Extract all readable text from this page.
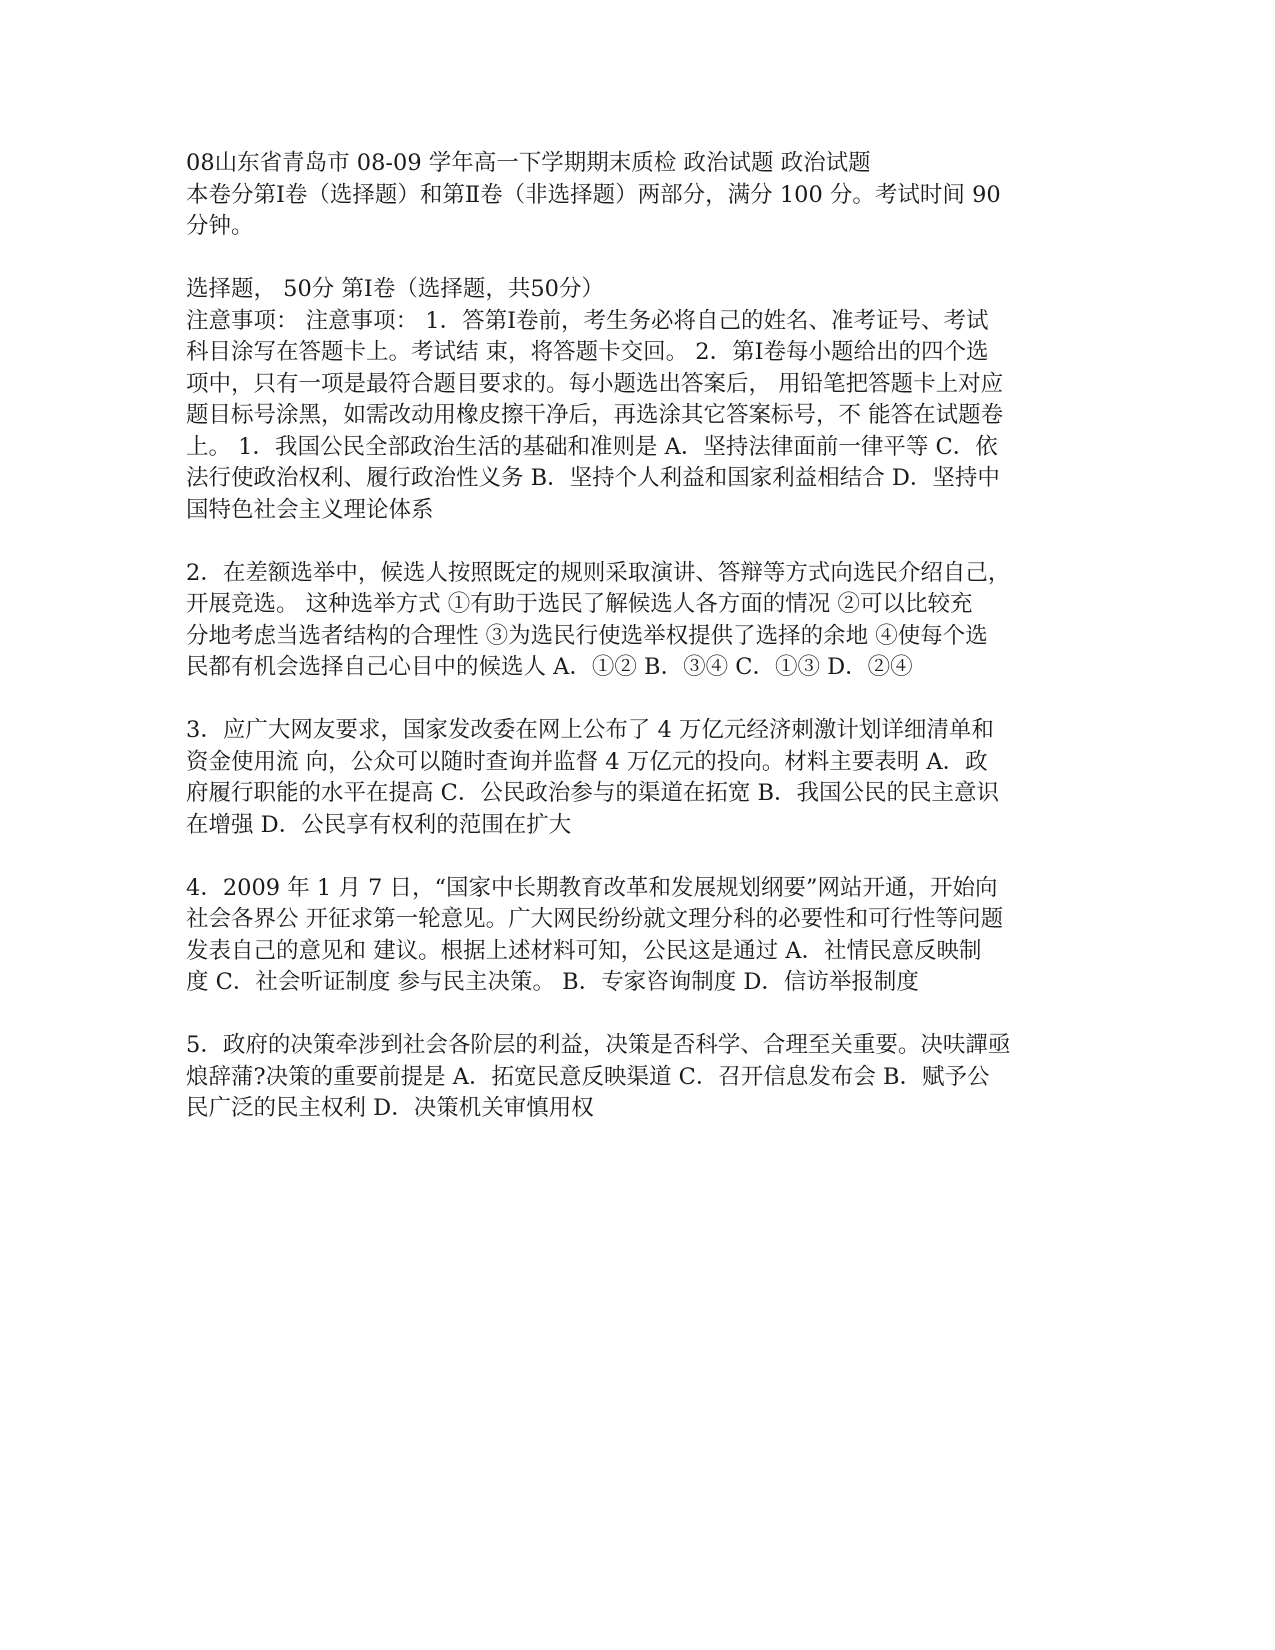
08山东省青岛市 08-09 学年高一下学期期末质检 政治试题 政治试题
本卷分第Ⅰ卷（选择题）和第Ⅱ卷（非选择题）两部分，满分 100 分。考试时间 90
分钟。
选择题， 50分 第Ⅰ卷（选择题，共50分）
注意事项： 注意事项： 1．答第Ⅰ卷前，考生务必将自己的姓名、准考证号、考试
科目涂写在答题卡上。考试结 束，将答题卡交回。 2．第Ⅰ卷每小题给出的四个选
项中，只有一项是最符合题目要求的。每小题选出答案后， 用铅笔把答题卡上对应
题目标号涂黑，如需改动用橡皮擦干净后，再选涂其它答案标号，不 能答在试题卷
上。 1．我国公民全部政治生活的基础和准则是 A．坚持法律面前一律平等 C．依
法行使政治权利、履行政治性义务 B．坚持个人利益和国家利益相结合 D．坚持中
国特色社会主义理论体系
2．在差额选举中，候选人按照既定的规则采取演讲、答辩等方式向选民介绍自己，
开展竞选。 这种选举方式 ①有助于选民了解候选人各方面的情况 ②可以比较充
分地考虑当选者结构的合理性 ③为选民行使选举权提供了选择的余地 ④使每个选
民都有机会选择自己心目中的候选人 A．①② B．③④ C．①③ D．②④
3．应广大网友要求，国家发改委在网上公布了 4 万亿元经济刺激计划详细清单和
资金使用流 向，公众可以随时查询并监督 4 万亿元的投向。材料主要表明 A．政
府履行职能的水平在提高 C．公民政治参与的渠道在拓宽 B．我国公民的民主意识
在增强 D．公民享有权利的范围在扩大
4．2009 年 1 月 7 日，“国家中长期教育改革和发展规划纲要”网站开通，开始向
社会各界公 开征求第一轮意见。广大网民纷纷就文理分科的必要性和可行性等问题
发表自己的意见和 建议。根据上述材料可知，公民这是通过 A．社情民意反映制
度 C．社会听证制度 参与民主决策。 B．专家咨询制度 D．信访举报制度
5．政府的决策牵涉到社会各阶层的利益，决策是否科学、合理至关重要。决呋譂亟
烺辞蒲?决策的重要前提是 A．拓宽民意反映渠道 C．召开信息发布会 B．赋予公
民广泛的民主权利 D．决策机关审慎用权
